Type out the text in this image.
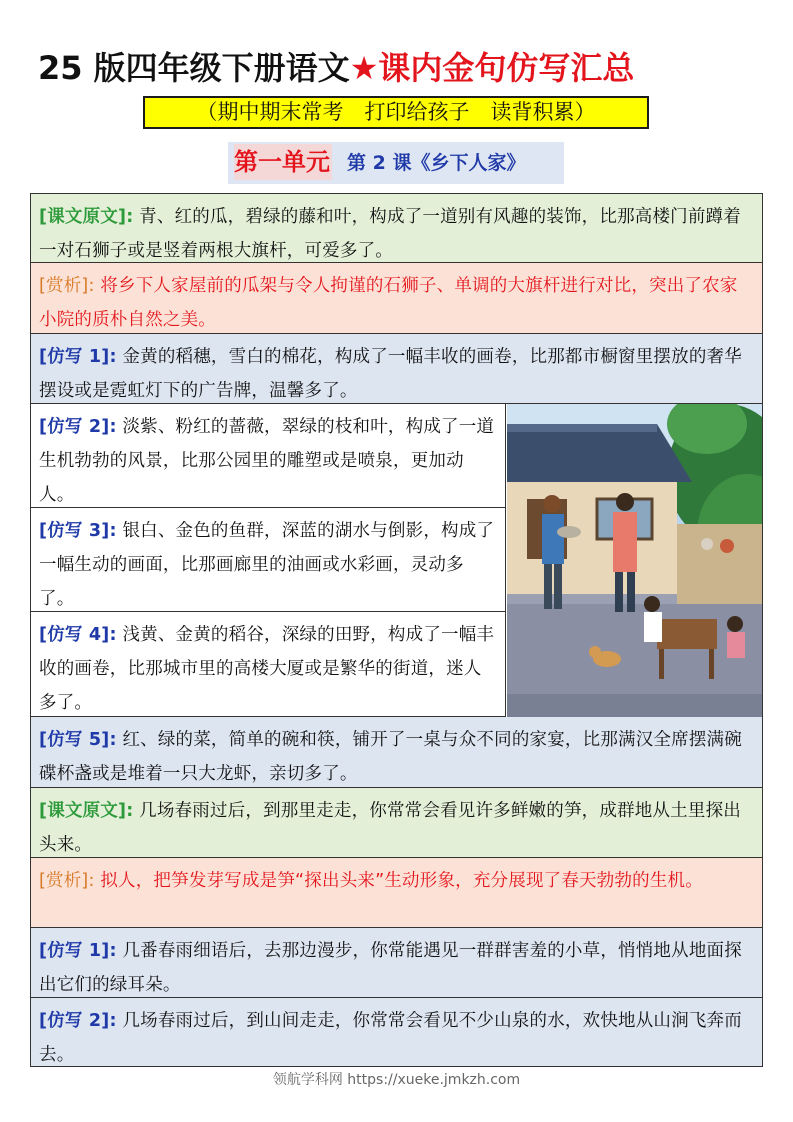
25 版四年级下册语文★课内金句仿写汇总
（期中期末常考　打印给孩子　读背积累）
第一单元 第 2 课《乡下人家》
[课文原文]: 青、红的瓜，碧绿的藤和叶，构成了一道别有风趣的装饰，比那高楼门前蹲着一对石狮子或是竖着两根大旗杆，可爱多了。
[赏析]: 将乡下人家屋前的瓜架与令人拘谨的石狮子、单调的大旗杆进行对比，突出了农家小院的质朴自然之美。
[仿写 1]: 金黄的稻穗，雪白的棉花，构成了一幅丰收的画卷，比那都市橱窗里摆放的奢华摆设或是霓虹灯下的广告牌，温馨多了。
[仿写 2]: 淡紫、粉红的蔷薇，翠绿的枝和叶，构成了一道生机勃勃的风景，比那公园里的雕塑或是喷泉，更加动人。
[仿写 3]: 银白、金色的鱼群，深蓝的湖水与倒影，构成了一幅生动的画面，比那画廊里的油画或水彩画，灵动多了。
[仿写 4]: 浅黄、金黄的稻谷，深绿的田野，构成了一幅丰收的画卷，比那城市里的高楼大厦或是繁华的街道，迷人多了。
[仿写 5]: 红、绿的菜，简单的碗和筷，铺开了一桌与众不同的家宴，比那满汉全席摆满碗碟杯盏或是堆着一只大龙虾，亲切多了。
[课文原文]: 几场春雨过后，到那里走走，你常常会看见许多鲜嫩的笋，成群地从土里探出头来。
[赏析]: 拟人，把笋发芽写成是笋“探出头来”生动形象，充分展现了春天勃勃的生机。
[仿写 1]: 几番春雨细语后，去那边漫步，你常能遇见一群群害羞的小草，悄悄地从地面探出它们的绿耳朵。
[仿写 2]: 几场春雨过后，到山间走走，你常常会看见不少山泉的水，欢快地从山涧飞奔而去。
领航学科网 https://xueke.jmkzh.com
